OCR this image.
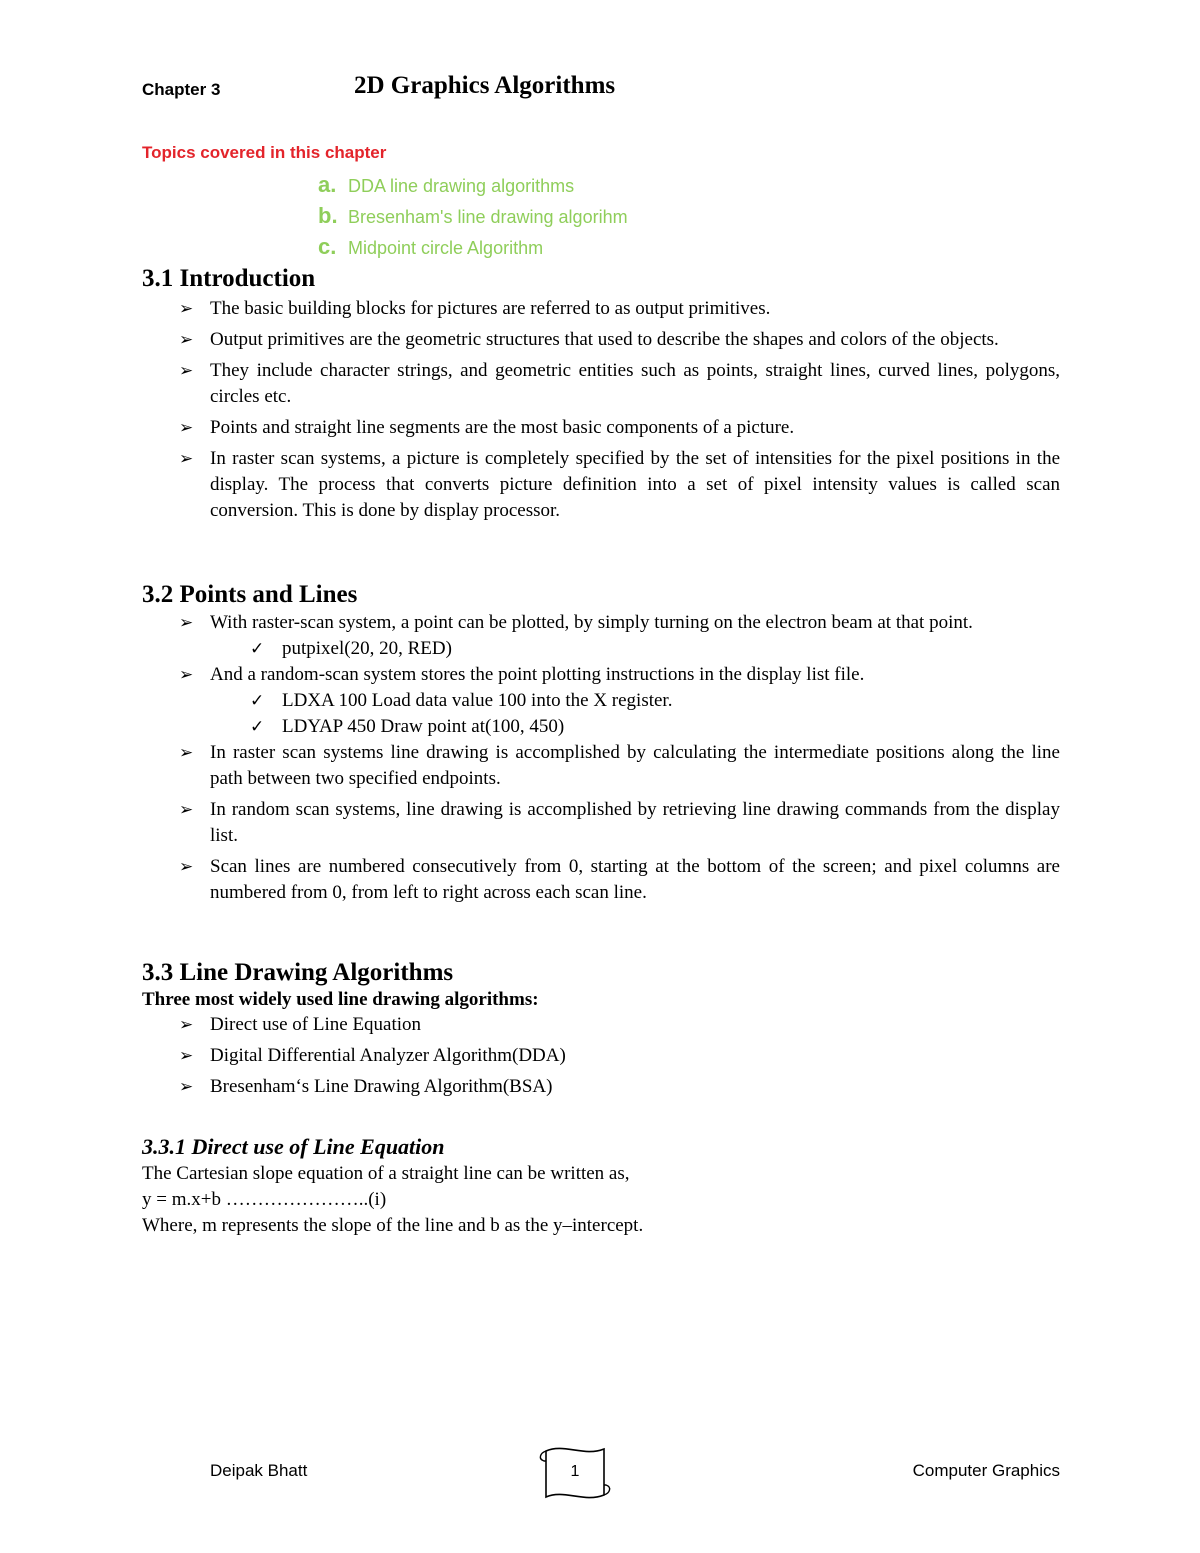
Chapter 3	2D Graphics Algorithms
Topics covered in this chapter
a. DDA line drawing algorithms
b. Bresenham's line drawing algorihm
c. Midpoint circle Algorithm
3.1 Introduction
➢ The basic building blocks for pictures are referred to as output primitives.
➢ Output primitives are the geometric structures that used to describe the shapes and colors of the objects.
➢ They include character strings, and geometric entities such as points, straight lines, curved lines, polygons, circles etc.
➢ Points and straight line segments are the most basic components of a picture.
➢ In raster scan systems, a picture is completely specified by the set of intensities for the pixel positions in the display. The process that converts picture definition into a set of pixel intensity values is called scan conversion. This is done by display processor.
3.2 Points and Lines
➢ With raster-scan system, a point can be plotted, by simply turning on the electron beam at that point.
✓ putpixel(20, 20, RED)
➢ And a random-scan system stores the point plotting instructions in the display list file.
✓ LDXA 100 Load data value 100 into the X register.
✓ LDYAP 450 Draw point at(100, 450)
➢ In raster scan systems line drawing is accomplished by calculating the intermediate positions along the line path between two specified endpoints.
➢ In random scan systems, line drawing is accomplished by retrieving line drawing commands from the display list.
➢ Scan lines are numbered consecutively from 0, starting at the bottom of the screen; and pixel columns are numbered from 0, from left to right across each scan line.
3.3 Line Drawing Algorithms

Three most widely used line drawing algorithms:

➢ Direct use of Line Equation
➢ Digital Differential Analyzer Algorithm(DDA)
➢ Bresenham‘s Line Drawing Algorithm(BSA)
3.3.1 Direct use of Line Equation

The Cartesian slope equation of a straight line can be written as,

y = m.x+b …………………..(i)

Where, m represents the slope of the line and b as the y–intercept.

Deipak Bhatt	1	Computer Graphics
